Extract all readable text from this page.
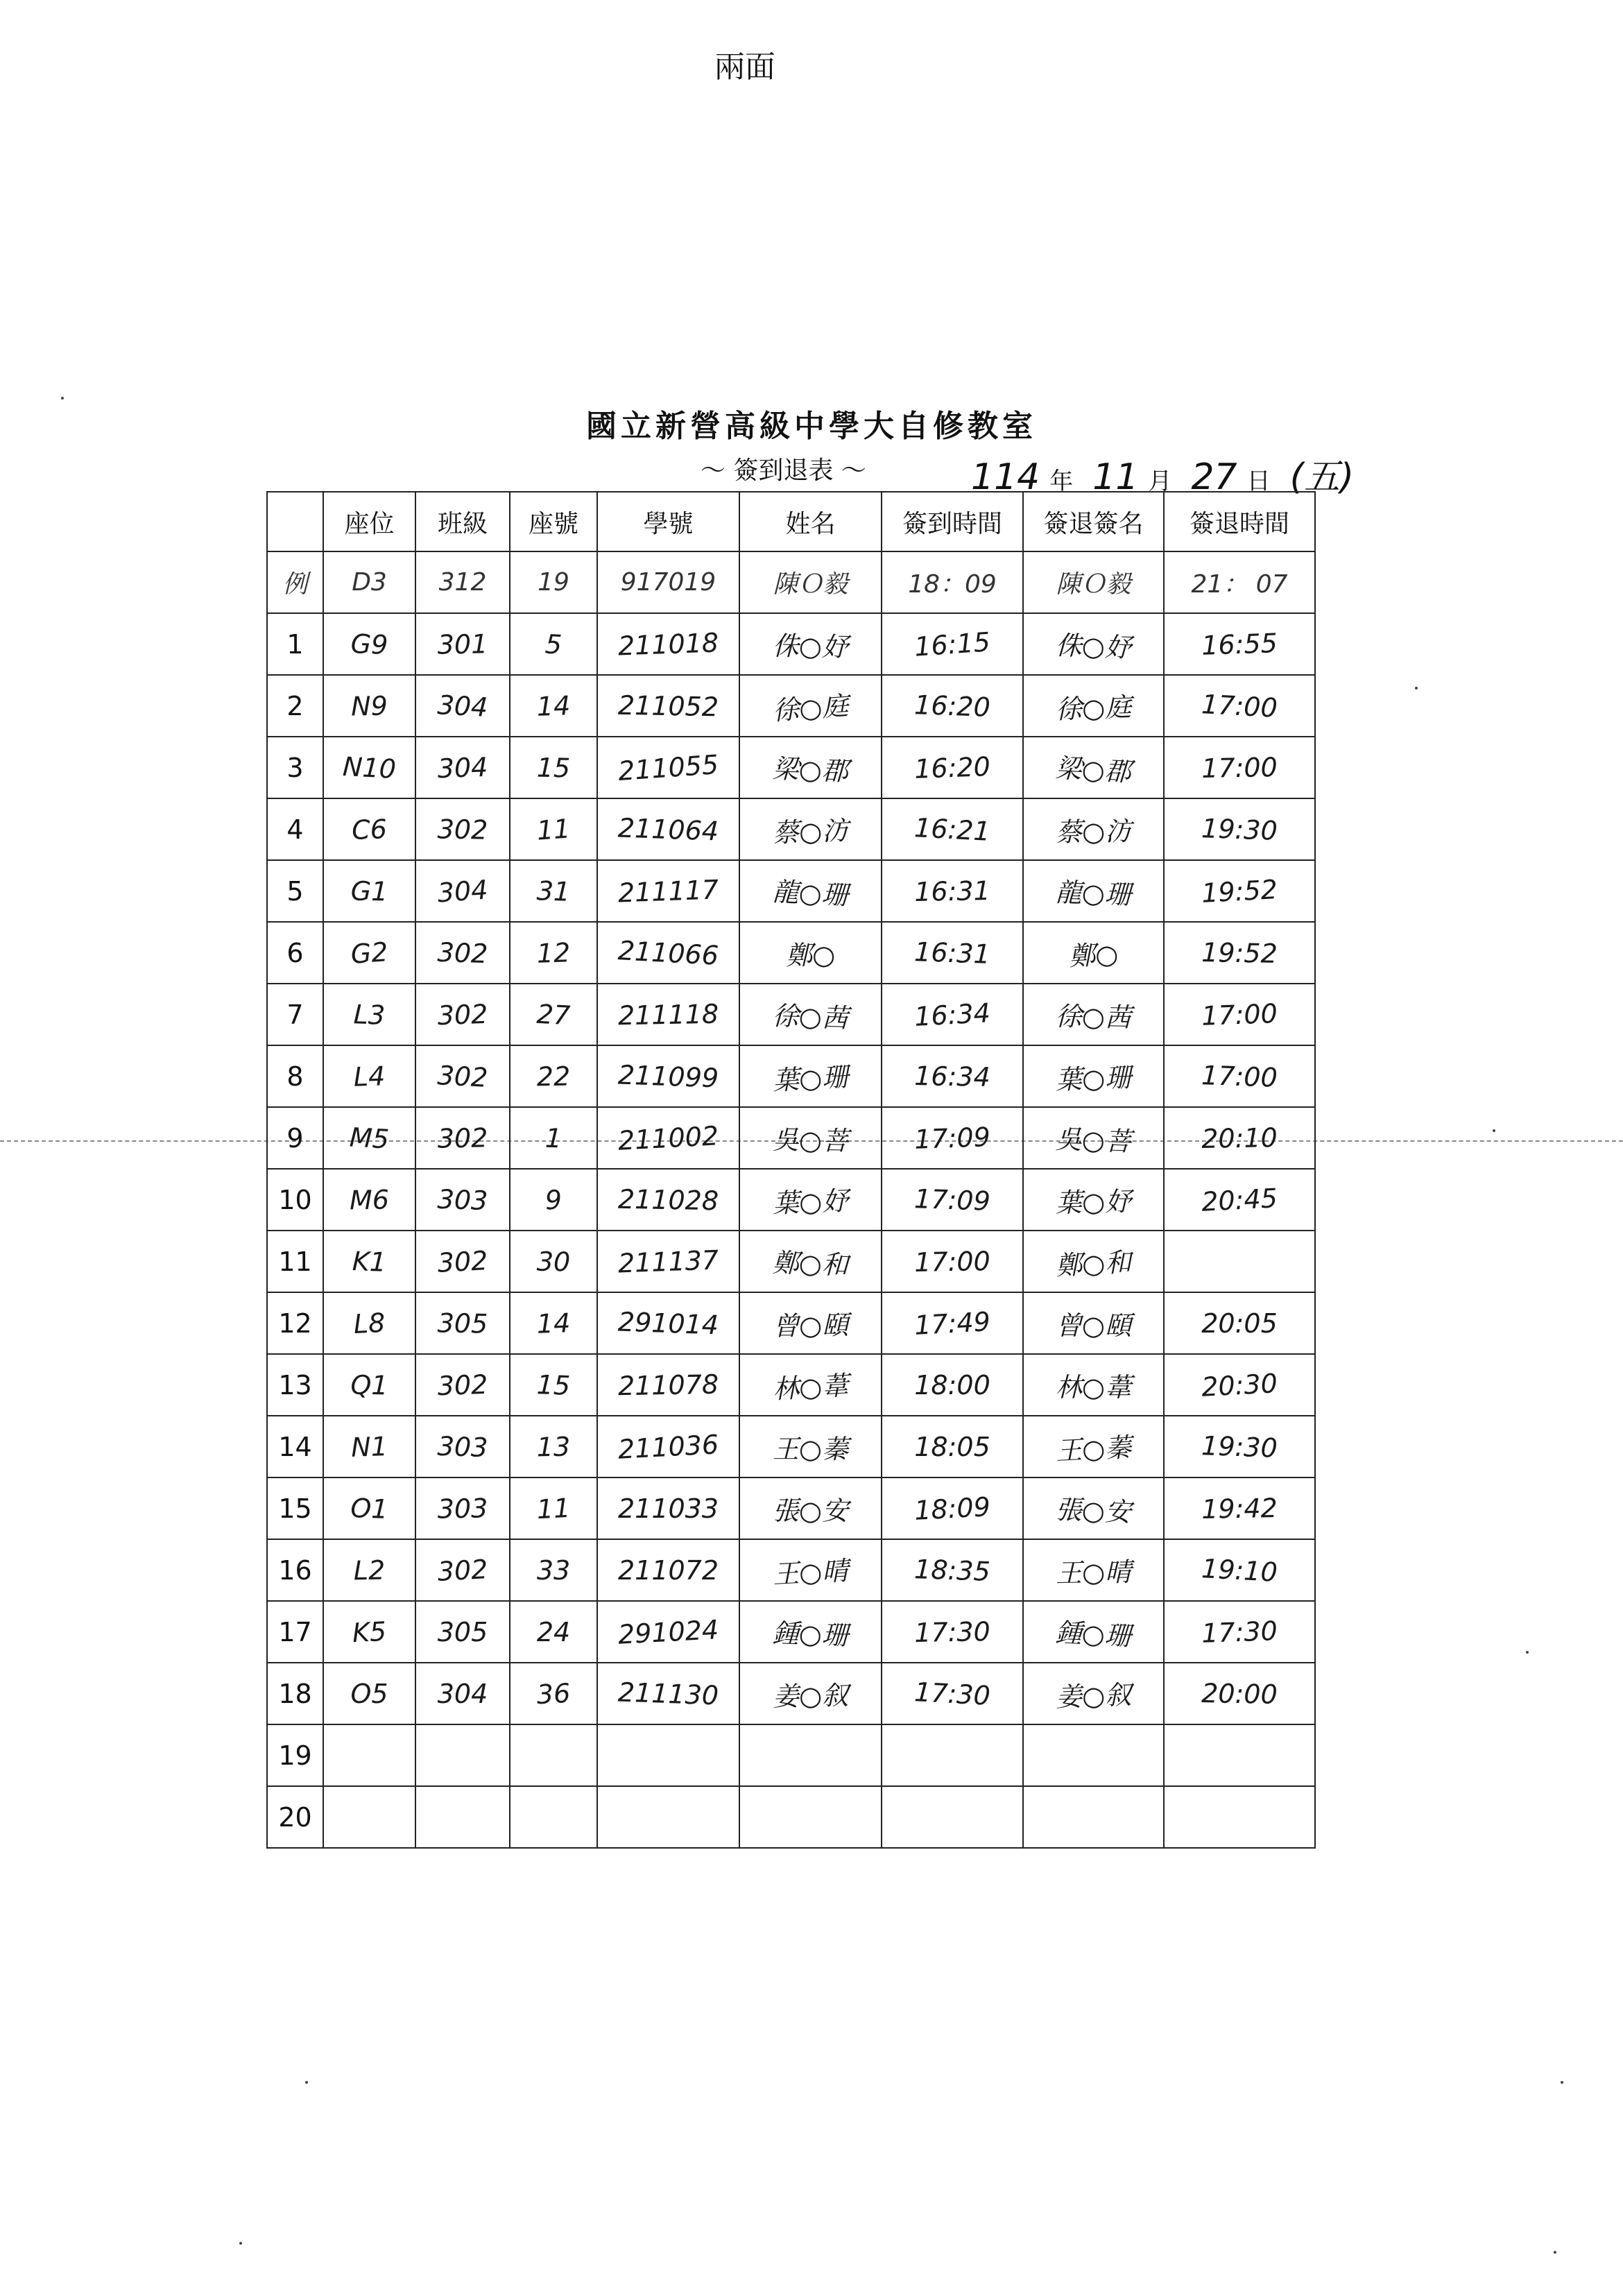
兩面
國立新營高級中學大自修教室
～ 簽到退表 ～	114 年 11 月 27 日 (五)
	座位	班級	座號	學號	姓名	簽到時間	簽退簽名	簽退時間
例	D3	312	19	917019	陳Ｏ毅	18：09	陳Ｏ毅	21： 07
1	G9	301	5	211018	侏○妤	16:15	侏○妤	16:55
2	N9	304	14	211052	徐○庭	16:20	徐○庭	17:00
3	N10	304	15	211055	梁○郡	16:20	梁○郡	17:00
4	C6	302	11	211064	蔡○汸	16:21	蔡○汸	19:30
5	G1	304	31	211117	龍○珊	16:31	龍○珊	19:52
6	G2	302	12	211066	鄭○	16:31	鄭○	19:52
7	L3	302	27	211118	徐○茜	16:34	徐○茜	17:00
8	L4	302	22	211099	葉○珊	16:34	葉○珊	17:00
9	M5	302	1	211002	吳○菩	17:09	吳○菩	20:10
10	M6	303	9	211028	葉○妤	17:09	葉○妤	20:45
11	K1	302	30	211137	鄭○和	17:00	鄭○和	
12	L8	305	14	291014	曾○頤	17:49	曾○頤	20:05
13	Q1	302	15	211078	林○葦	18:00	林○葦	20:30
14	N1	303	13	211036	王○蓁	18:05	王○蓁	19:30
15	O1	303	11	211033	張○安	18:09	張○安	19:42
16	L2	302	33	211072	王○晴	18:35	王○晴	19:10
17	K5	305	24	291024	鍾○珊	17:30	鍾○珊	17:30
18	O5	304	36	211130	姜○叙	17:30	姜○叙	20:00
19								
20								
